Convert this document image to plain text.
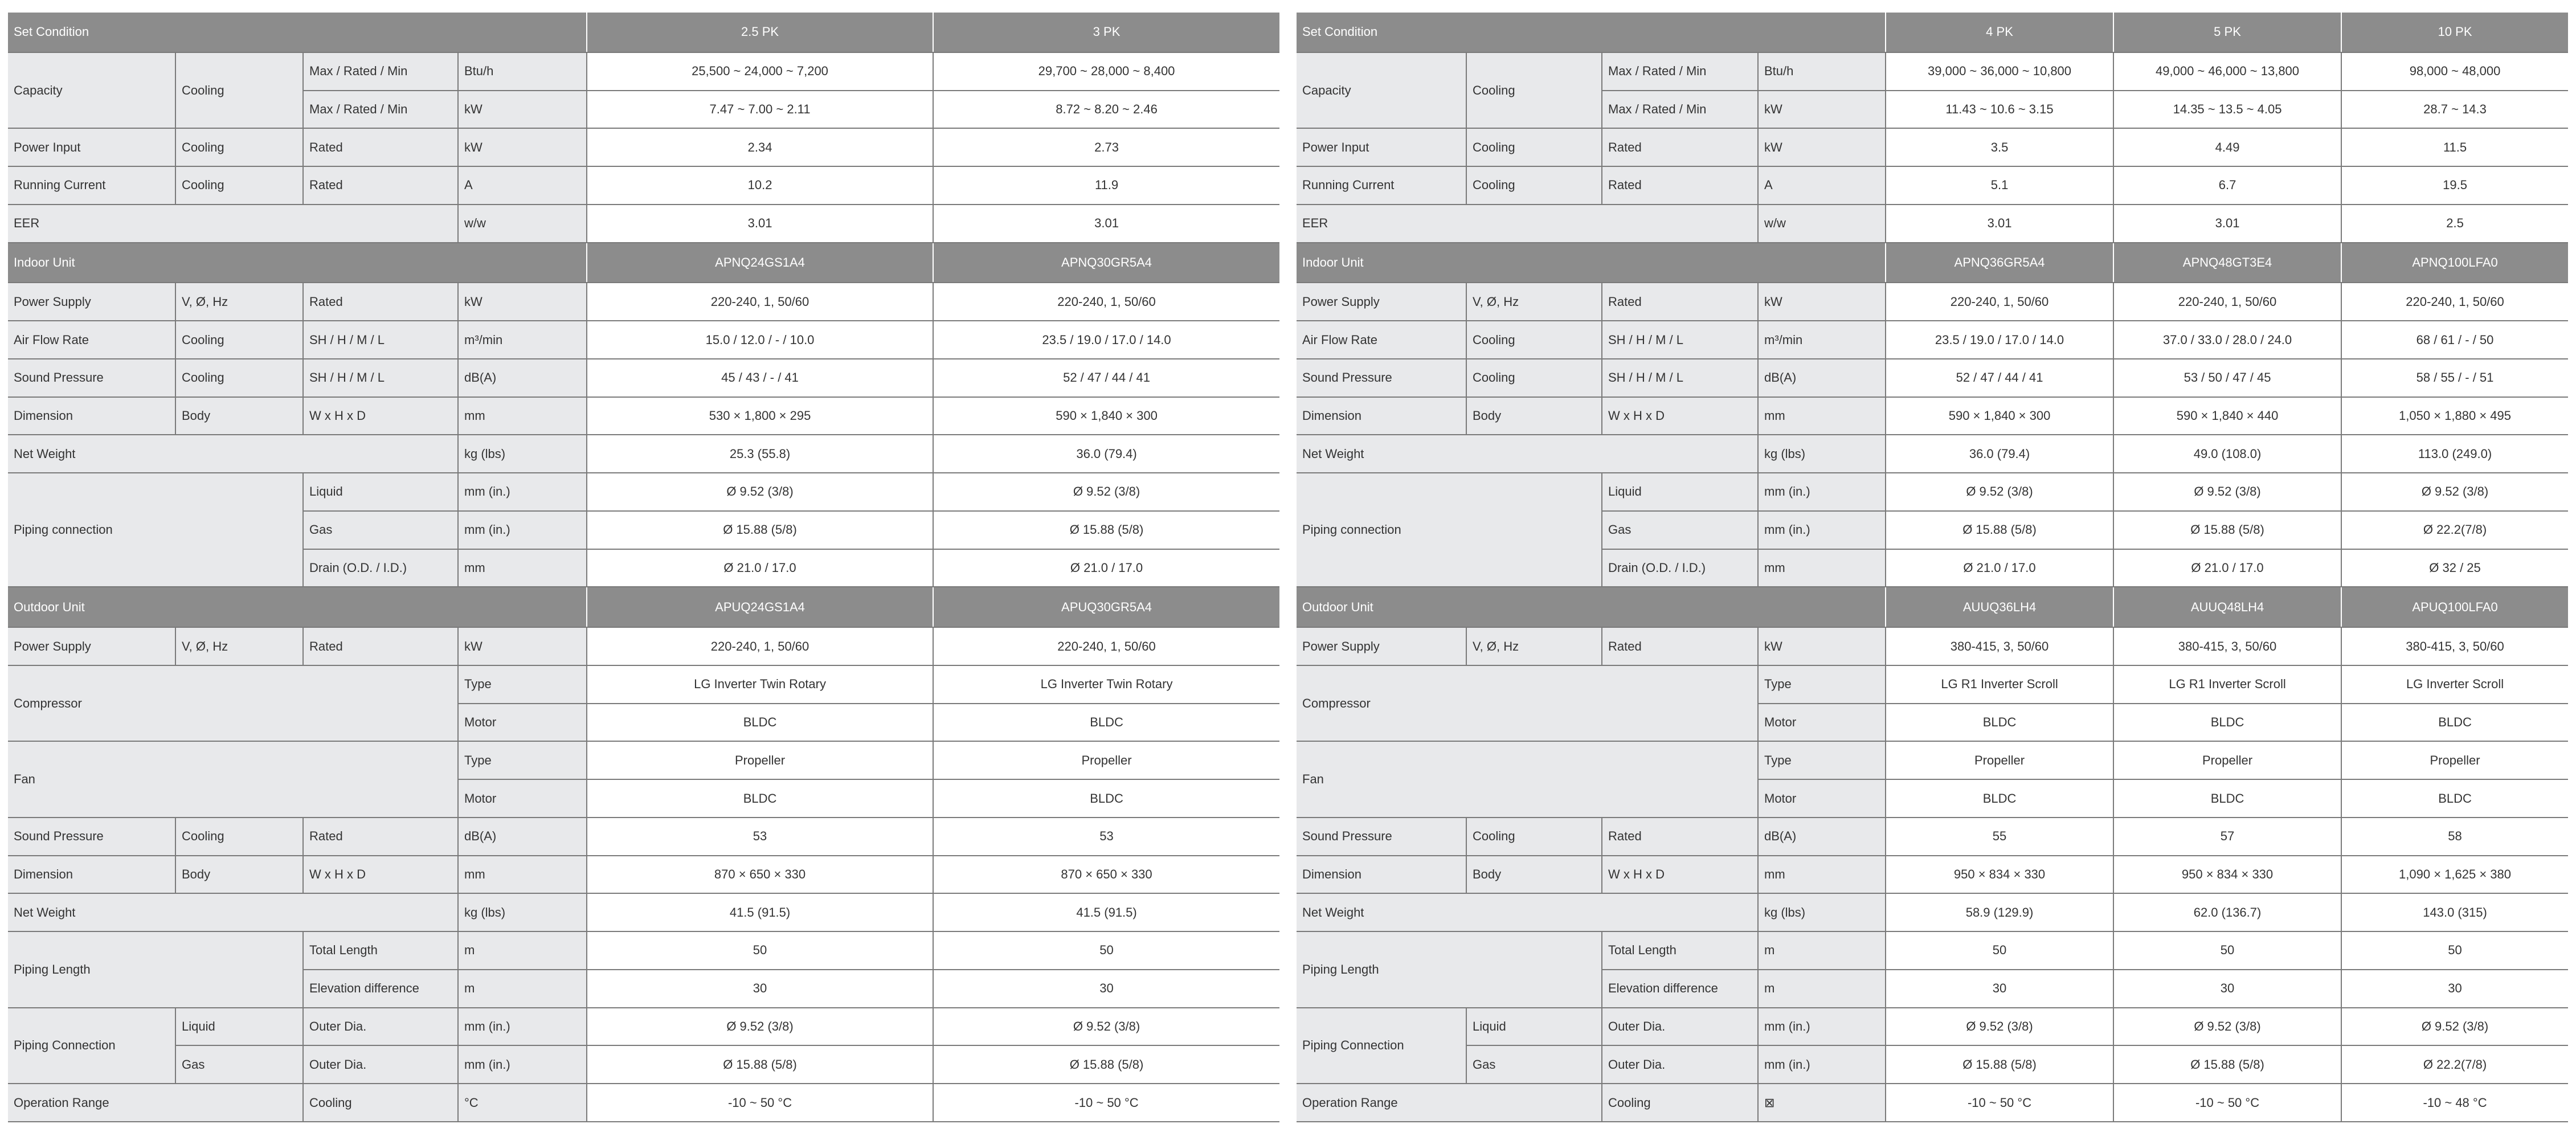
Set Condition				2.5 PK	3 PK
Capacity	Cooling	Max / Rated / Min	Btu/h	25,500 ~ 24,000 ~ 7,200	29,700 ~ 28,000 ~ 8,400
		Max / Rated / Min	kW	7.47 ~ 7.00 ~ 2.11	8.72 ~ 8.20 ~ 2.46
Power Input	Cooling	Rated	kW	2.34	2.73
Running Current	Cooling	Rated	A	10.2	11.9
EER			w/w	3.01	3.01
Indoor Unit				APNQ24GS1A4	APNQ30GR5A4
Power Supply	V, Ø, Hz	Rated	kW	220-240, 1, 50/60	220-240, 1, 50/60
Air Flow Rate	Cooling	SH / H / M / L	m³/min	15.0 / 12.0 / - / 10.0	23.5 / 19.0 / 17.0 / 14.0
Sound Pressure	Cooling	SH / H / M / L	dB(A)	45 / 43 / - / 41	52 / 47 / 44 / 41
Dimension	Body	W x H x D	mm	530 × 1,800 × 295	590 × 1,840 × 300
Net Weight			kg (lbs)	25.3 (55.8)	36.0 (79.4)
Piping connection		Liquid	mm (in.)	Ø 9.52 (3/8)	Ø 9.52 (3/8)
		Gas	mm (in.)	Ø 15.88 (5/8)	Ø 15.88 (5/8)
		Drain (O.D. / I.D.)	mm	Ø 21.0 / 17.0	Ø 21.0 / 17.0
Outdoor Unit				APUQ24GS1A4	APUQ30GR5A4
Power Supply	V, Ø, Hz	Rated	kW	220-240, 1, 50/60	220-240, 1, 50/60
Compressor			Type	LG Inverter Twin Rotary	LG Inverter Twin Rotary
			Motor	BLDC	BLDC
Fan			Type	Propeller	Propeller
			Motor	BLDC	BLDC
Sound Pressure	Cooling	Rated	dB(A)	53	53
Dimension	Body	W x H x D	mm	870 × 650 × 330	870 × 650 × 330
Net Weight			kg (lbs)	41.5 (91.5)	41.5 (91.5)
Piping Length		Total Length	m	50	50
		Elevation difference	m	30	30
Piping Connection	Liquid	Outer Dia.	mm (in.)	Ø 9.52 (3/8)	Ø 9.52 (3/8)
	Gas	Outer Dia.	mm (in.)	Ø 15.88 (5/8)	Ø 15.88 (5/8)
Operation Range		Cooling	°C	-10 ~ 50 °C	-10 ~ 50 °C
Set Condition				4 PK	5 PK	10 PK
Capacity	Cooling	Max / Rated / Min	Btu/h	39,000 ~ 36,000 ~ 10,800	49,000 ~ 46,000 ~ 13,800	98,000 ~ 48,000
		Max / Rated / Min	kW	11.43 ~ 10.6 ~ 3.15	14.35 ~ 13.5 ~ 4.05	28.7 ~ 14.3
Power Input	Cooling	Rated	kW	3.5	4.49	11.5
Running Current	Cooling	Rated	A	5.1	6.7	19.5
EER			w/w	3.01	3.01	2.5
Indoor Unit				APNQ36GR5A4	APNQ48GT3E4	APNQ100LFA0
Power Supply	V, Ø, Hz	Rated	kW	220-240, 1, 50/60	220-240, 1, 50/60	220-240, 1, 50/60
Air Flow Rate	Cooling	SH / H / M / L	m³/min	23.5 / 19.0 / 17.0 / 14.0	37.0 / 33.0 / 28.0 / 24.0	68 / 61 / - / 50
Sound Pressure	Cooling	SH / H / M / L	dB(A)	52 / 47 / 44 / 41	53 / 50 / 47 / 45	58 / 55 / - / 51
Dimension	Body	W x H x D	mm	590 × 1,840 × 300	590 × 1,840 × 440	1,050 × 1,880 × 495
Net Weight			kg (lbs)	36.0 (79.4)	49.0 (108.0)	113.0 (249.0)
Piping connection		Liquid	mm (in.)	Ø 9.52 (3/8)	Ø 9.52 (3/8)	Ø 9.52 (3/8)
		Gas	mm (in.)	Ø 15.88 (5/8)	Ø 15.88 (5/8)	Ø 22.2(7/8)
		Drain (O.D. / I.D.)	mm	Ø 21.0 / 17.0	Ø 21.0 / 17.0	Ø 32 / 25
Outdoor Unit				AUUQ36LH4	AUUQ48LH4	APUQ100LFA0
Power Supply	V, Ø, Hz	Rated	kW	380-415, 3, 50/60	380-415, 3, 50/60	380-415, 3, 50/60
Compressor			Type	LG R1 Inverter Scroll	LG R1 Inverter Scroll	LG Inverter Scroll
			Motor	BLDC	BLDC	BLDC
Fan			Type	Propeller	Propeller	Propeller
			Motor	BLDC	BLDC	BLDC
Sound Pressure	Cooling	Rated	dB(A)	55	57	58
Dimension	Body	W x H x D	mm	950 × 834 × 330	950 × 834 × 330	1,090 × 1,625 × 380
Net Weight			kg (lbs)	58.9 (129.9)	62.0 (136.7)	143.0 (315)
Piping Length		Total Length	m	50	50	50
		Elevation difference	m	30	30	30
Piping Connection	Liquid	Outer Dia.	mm (in.)	Ø 9.52 (3/8)	Ø 9.52 (3/8)	Ø 9.52 (3/8)
	Gas	Outer Dia.	mm (in.)	Ø 15.88 (5/8)	Ø 15.88 (5/8)	Ø 22.2(7/8)
Operation Range		Cooling	⊠	-10 ~ 50 °C	-10 ~ 50 °C	-10 ~ 48 °C
